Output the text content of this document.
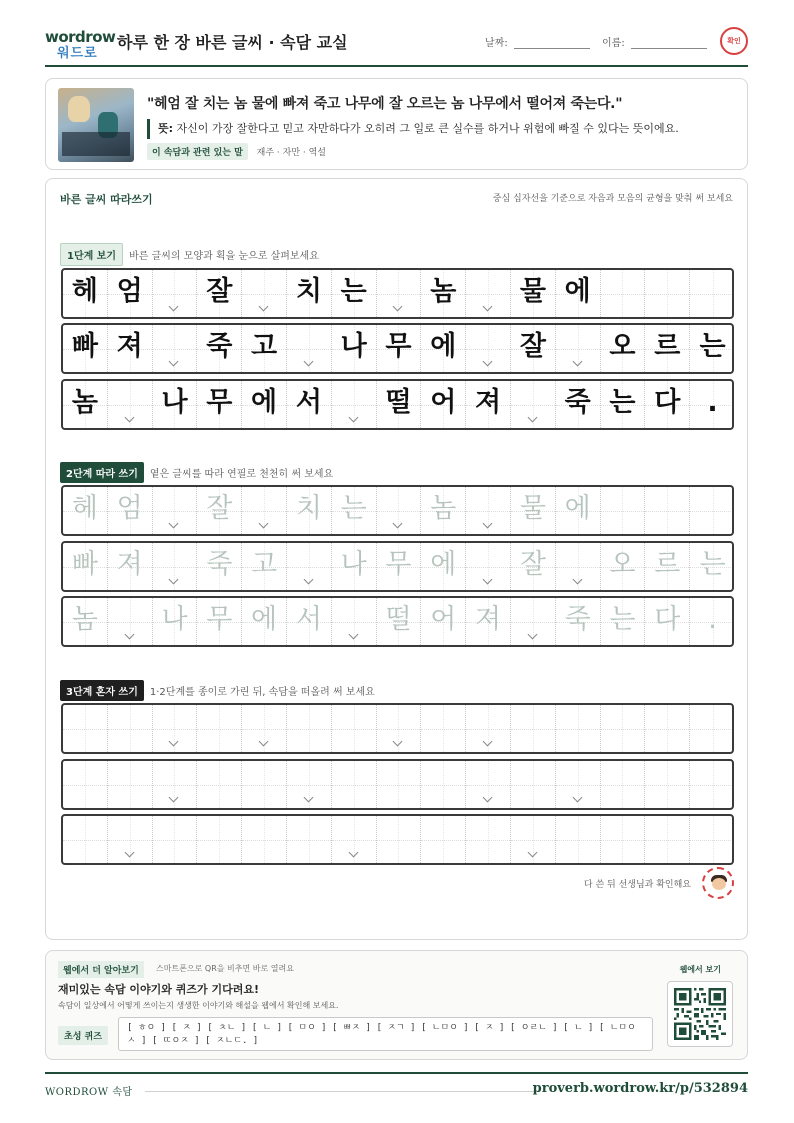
wordrow
워드로
하루 한 장 바른 글씨 · 속담 교실	날짜:	이름:	확인
"헤엄 잘 치는 놈 물에 빠져 죽고 나무에 잘 오르는 놈 나무에서 떨어져 죽는다."
뜻: 자신이 가장 잘한다고 믿고 자만하다가 오히려 그 일로 큰 실수를 하거나 위험에 빠질 수 있다는 뜻이에요.
이 속담과 관련 있는 말 재주 · 자만 · 역설
바른 글씨 따라쓰기	중심 십자선을 기준으로 자음과 모음의 균형을 맞춰 써 보세요
1단계 보기 바른 글씨의 모양과 획을 눈으로 살펴보세요
헤 엄	잘	치 는	놈	물 에
빠 져	죽 고	나 무 에	잘	오 르 는
놈	나 무 에 서	떨 어 져	죽 는 다	.
2단계 따라 쓰기 옅은 글씨를 따라 연필로 천천히 써 보세요
헤 엄	잘	치 는	놈	물 에
빠 져	죽 고	나 무 에	잘	오 르 는
놈	나 무 에 서	떨 어 져	죽 는 다	.
3단계 혼자 쓰기 1·2단계를 종이로 가린 뒤, 속담을 떠올려 써 보세요
다 쓴 뒤 선생님과 확인해요
웹에서 더 알아보기	스마트폰으로 QR을 비추면 바로 열려요
재미있는 속담 이야기와 퀴즈가 기다려요!
속담이 일상에서 어떻게 쓰이는지 생생한 이야기와 해설을 웹에서 확인해 보세요.
초성 퀴즈
[ ㅎㅇ ] [ ㅈ ] [ ㅊㄴ ] [ ㄴ ] [ ㅁㅇ ] [ ㅃㅈ ] [ ㅈㄱ ] [ ㄴㅁㅇ ] [ ㅈ ] [ ㅇㄹㄴ ] [ ㄴ ] [ ㄴㅁㅇㅅ ] [ ㄸㅇㅈ ] [ ㅈㄴㄷ. ]
웹에서 보기
WORDROW 속담	proverb.wordrow.kr/p/532894
